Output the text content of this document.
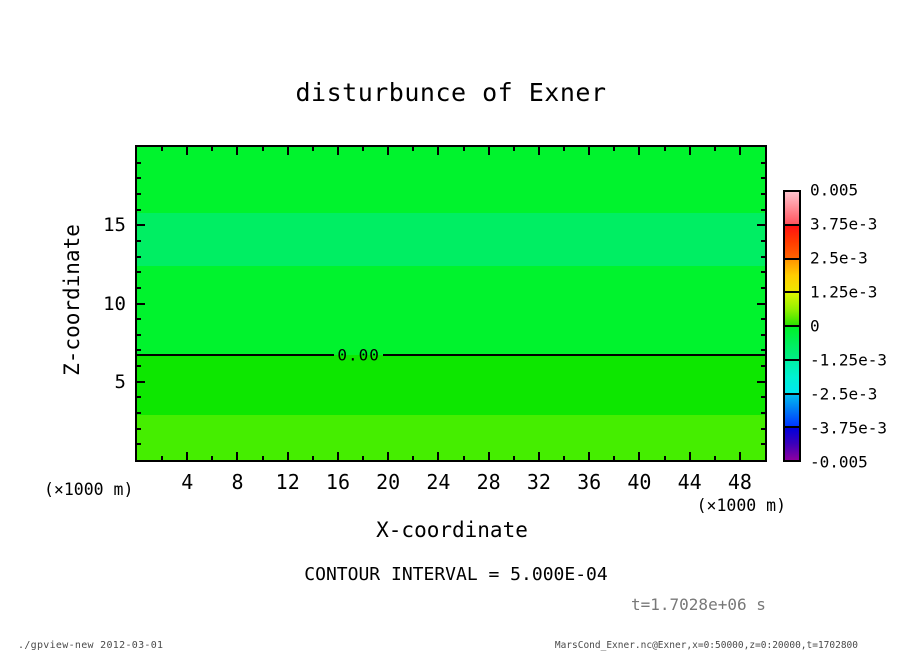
disturbunce of Exner
Z-coordinate
(×1000 m)
0.00
4 8 12 16 20 24 28 32 36 40 44 48
5
10
15
(×1000 m)
X-coordinate
CONTOUR INTERVAL = 5.000E-04
t=1.7028e+06 s
0.005
3.75e-3
2.5e-3
1.25e-3
0
-1.25e-3
-2.5e-3
-3.75e-3
-0.005
./gpview-new 2012-03-01	MarsCond_Exner.nc@Exner,x=0:50000,z=0:20000,t=1702800
